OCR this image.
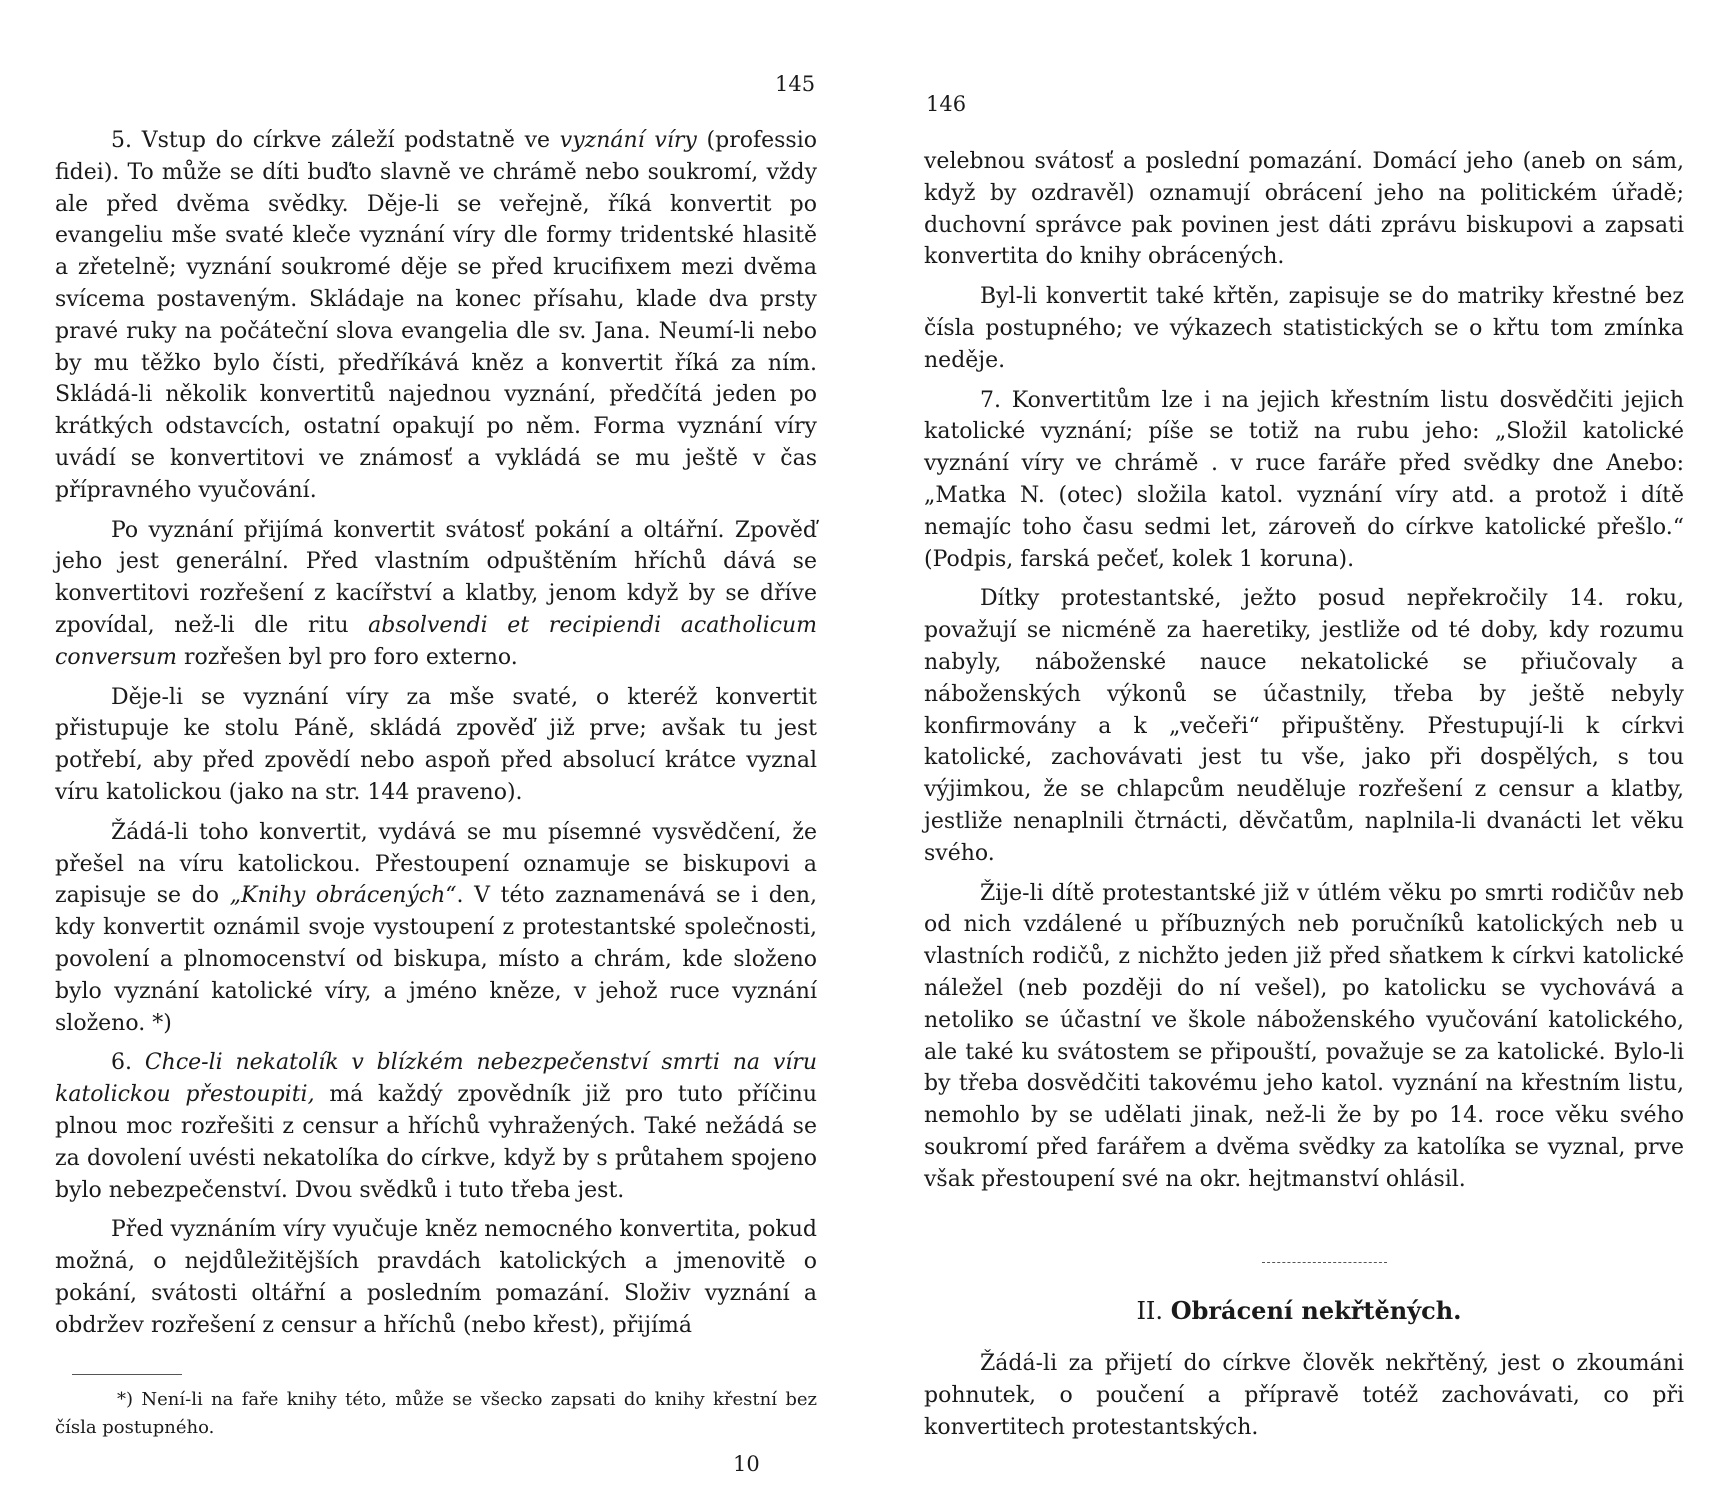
145

5. Vstup do církve záleží podstatně ve vyznání víry (professio fidei). To může se díti buďto slavně ve chrámě nebo soukromí, vždy ale před dvěma svědky. Děje-li se veřejně, říká konvertit po evangeliu mše svaté kleče vyznání víry dle formy tridentské hlasitě a zřetelně; vyznání soukromé děje se před krucifixem mezi dvěma svícema postaveným. Skládaje na konec přísahu, klade dva prsty pravé ruky na počáteční slova evangelia dle sv. Jana. Neumí-li nebo by mu těžko bylo čísti, předříkává kněz a konvertit říká za ním. Skládá-li několik konvertitů najednou vyznání, předčítá jeden po krátkých odstavcích, ostatní opakují po něm. Forma vyznání víry uvádí se konvertitovi ve známosť a vykládá se mu ještě v čas přípravného vyučování.

Po vyznání přijímá konvertit svátosť pokání a oltářní. Zpověď jeho jest generální. Před vlastním odpuštěním hříchů dává se konvertitovi rozřešení z kacířství a klatby, jenom když by se dříve zpovídal, než-li dle ritu absolvendi et recipiendi acatholicum conversum rozřešen byl pro foro externo.

Děje-li se vyznání víry za mše svaté, o kteréž konvertit přistupuje ke stolu Páně, skládá zpověď již prve; avšak tu jest potřebí, aby před zpovědí nebo aspoň před absolucí krátce vyznal víru katolickou (jako na str. 144 praveno).

Žádá-li toho konvertit, vydává se mu písemné vysvědčení, že přešel na víru katolickou. Přestoupení oznamuje se biskupovi a zapisuje se do „Knihy obrácených“. V této zaznamenává se i den, kdy konvertit oznámil svoje vystoupení z protestantské společnosti, povolení a plnomocenství od biskupa, místo a chrám, kde složeno bylo vyznání katolické víry, a jméno kněze, v jehož ruce vyznání složeno. *)

6. Chce-li nekatolík v blízkém nebezpečenství smrti na víru katolickou přestoupiti, má každý zpovědník již pro tuto příčinu plnou moc rozřešiti z censur a hříchů vyhražených. Také nežádá se za dovolení uvésti nekatolíka do církve, když by s průtahem spojeno bylo nebezpečenství. Dvou svědků i tuto třeba jest.

Před vyznáním víry vyučuje kněz nemocného konvertita, pokud možná, o nejdůležitějších pravdách katolických a jmenovitě o pokání, svátosti oltářní a posledním pomazání. Složiv vyznání a obdržev rozřešení z censur a hříchů (nebo křest), přijímá

*) Není-li na faře knihy této, může se všecko zapsati do knihy křestní bez čísla postupného.
10
146

velebnou svátosť a poslední pomazání. Domácí jeho (aneb on sám, když by ozdravěl) oznamují obrácení jeho na politickém úřadě; duchovní správce pak povinen jest dáti zprávu biskupovi a zapsati konvertita do knihy obrácených.

Byl-li konvertit také křtěn, zapisuje se do matriky křestné bez čísla postupného; ve výkazech statistických se o křtu tom zmínka neděje.

7. Konvertitům lze i na jejich křestním listu dosvědčiti jejich katolické vyznání; píše se totiž na rubu jeho: „Složil katolické vyznání víry ve chrámě . v ruce faráře před svědky dne Anebo: „Matka N. (otec) složila katol. vyznání víry atd. a protož i dítě nemajíc toho času sedmi let, zároveň do církve katolické přešlo.“ (Podpis, farská pečeť, kolek 1 koruna).

Dítky protestantské, ježto posud nepřekročily 14. roku, považují se nicméně za haeretiky, jestliže od té doby, kdy rozumu nabyly, náboženské nauce nekatolické se přiučovaly a náboženských výkonů se účastnily, třeba by ještě nebyly konfirmovány a k „večeři“ připuštěny. Přestupují-li k církvi katolické, zachovávati jest tu vše, jako při dospělých, s tou výjimkou, že se chlapcům neuděluje rozřešení z censur a klatby, jestliže nenaplnili čtrnácti, děvčatům, naplnila-li dvanácti let věku svého.

Žije-li dítě protestantské již v útlém věku po smrti rodičův neb od nich vzdálené u příbuzných neb poručníků katolických neb u vlastních rodičů, z nichžto jeden již před sňatkem k církvi katolické náležel (neb později do ní vešel), po katolicku se vychovává a netoliko se účastní ve škole náboženského vyučování katolického, ale také ku svátostem se připouští, považuje se za katolické. Bylo-li by třeba dosvědčiti takovému jeho katol. vyznání na křestním listu, nemohlo by se udělati jinak, než-li že by po 14. roce věku svého soukromí před farářem a dvěma svědky za katolíka se vyznal, prve však přestoupení své na okr. hejtmanství ohlásil.

II. Obrácení nekřtěných.

Žádá-li za přijetí do církve člověk nekřtěný, jest o zkoumáni pohnutek, o poučení a přípravě totéž zachovávati, co při konvertitech protestantských.
